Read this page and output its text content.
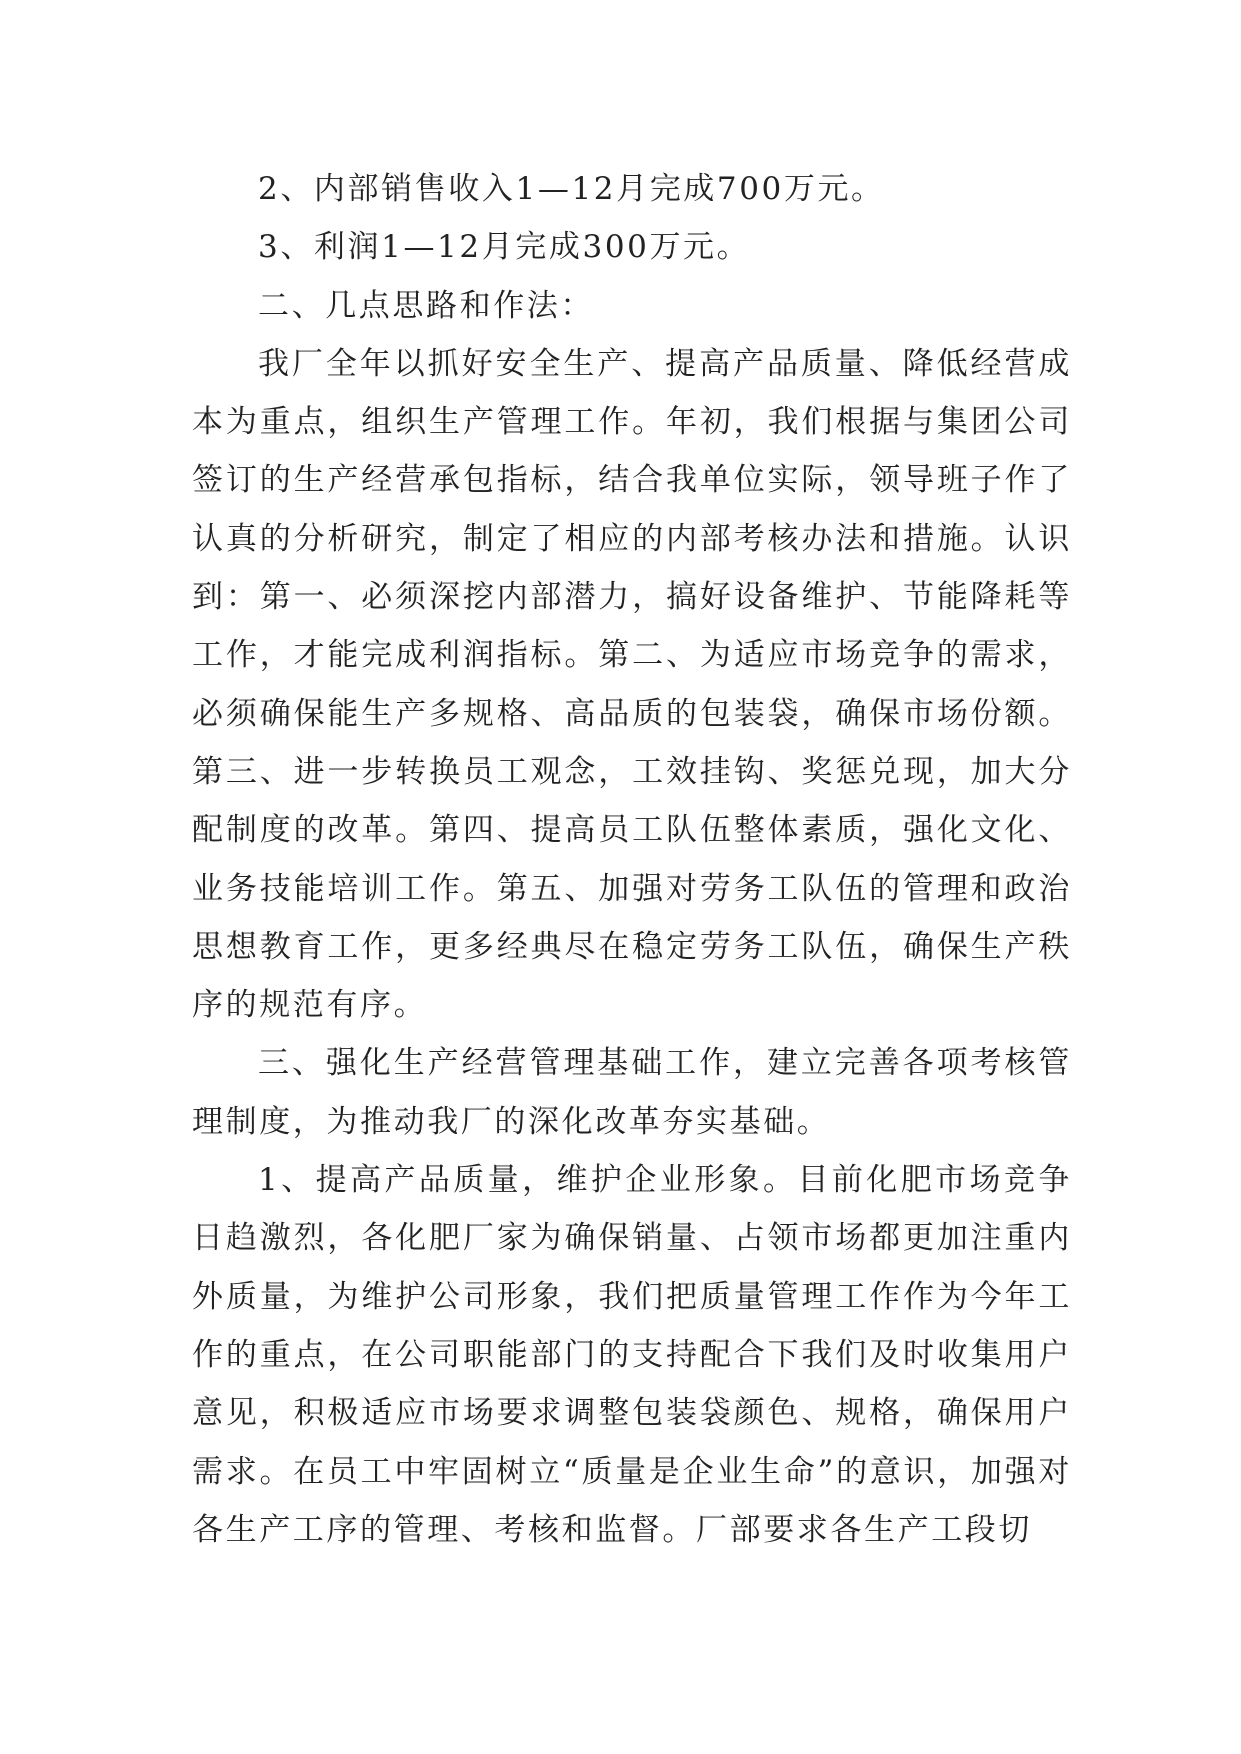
2、内部销售收入1—12月完成700万元。

3、利润1—12月完成300万元。

二、几点思路和作法：

我厂全年以抓好安全生产、提高产品质量、降低经营成本为重点，组织生产管理工作。年初，我们根据与集团公司签订的生产经营承包指标，结合我单位实际，领导班子作了认真的分析研究，制定了相应的内部考核办法和措施。认识到：第一、必须深挖内部潜力，搞好设备维护、节能降耗等工作，才能完成利润指标。第二、为适应市场竞争的需求，必须确保能生产多规格、高品质的包装袋，确保市场份额。第三、进一步转换员工观念，工效挂钩、奖惩兑现，加大分配制度的改革。第四、提高员工队伍整体素质，强化文化、业务技能培训工作。第五、加强对劳务工队伍的管理和政治思想教育工作，更多经典尽在稳定劳务工队伍，确保生产秩序的规范有序。

三、强化生产经营管理基础工作，建立完善各项考核管理制度，为推动我厂的深化改革夯实基础。

1、提高产品质量，维护企业形象。目前化肥市场竞争日趋激烈，各化肥厂家为确保销量、占领市场都更加注重内外质量，为维护公司形象，我们把质量管理工作作为今年工作的重点，在公司职能部门的支持配合下我们及时收集用户意见，积极适应市场要求调整包装袋颜色、规格，确保用户需求。在员工中牢固树立“质量是企业生命”的意识，加强对各生产工序的管理、考核和监督。厂部要求各生产工段切
